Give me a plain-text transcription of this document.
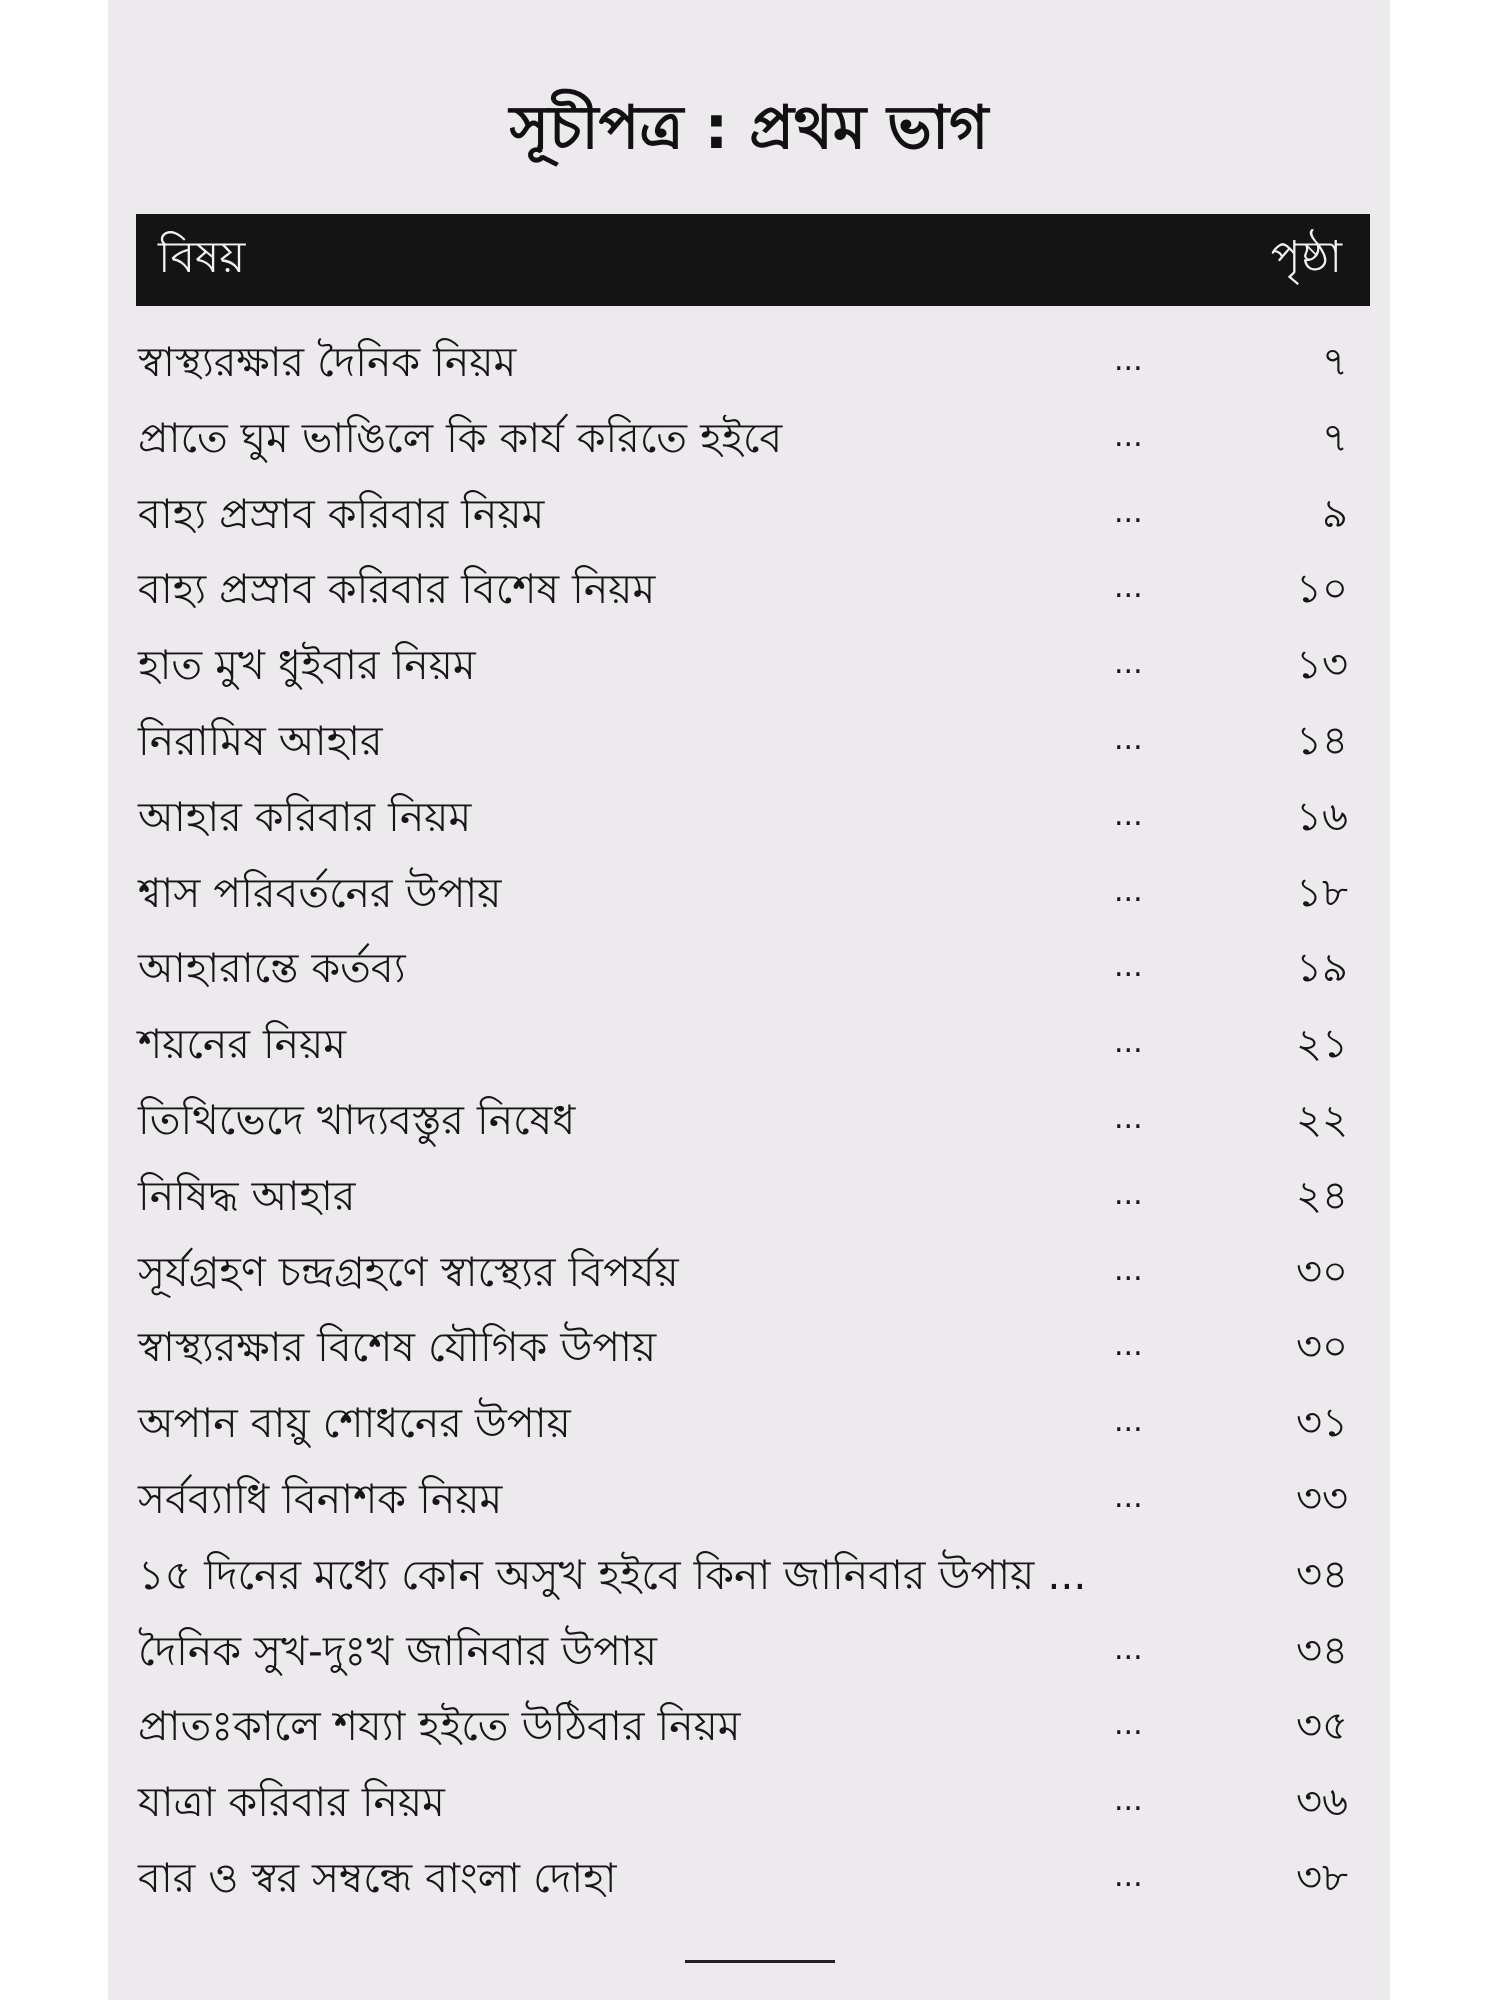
সূচীপত্র : প্রথম ভাগ
বিষয়	পৃষ্ঠা
স্বাস্থ্যরক্ষার দৈনিক নিয়ম	...	৭
প্রাতে ঘুম ভাঙিলে কি কার্য করিতে হইবে	...	৭
বাহ্য প্রস্রাব করিবার নিয়ম	...	৯
বাহ্য প্রস্রাব করিবার বিশেষ নিয়ম	...	১০
হাত মুখ ধুইবার নিয়ম	...	১৩
নিরামিষ আহার	...	১৪
আহার করিবার নিয়ম	...	১৬
শ্বাস পরিবর্তনের উপায়	...	১৮
আহারান্তে কর্তব্য	...	১৯
শয়নের নিয়ম	...	২১
তিথিভেদে খাদ্যবস্তুর নিষেধ	...	২২
নিষিদ্ধ আহার	...	২৪
সূর্যগ্রহণ চন্দ্রগ্রহণে স্বাস্থ্যের বিপর্যয়	...	৩০
স্বাস্থ্যরক্ষার বিশেষ যৌগিক উপায়	...	৩০
অপান বায়ু শোধনের উপায়	...	৩১
সর্বব্যাধি বিনাশক নিয়ম	...	৩৩
১৫ দিনের মধ্যে কোন অসুখ হইবে কিনা জানিবার উপায় ...	৩৪
দৈনিক সুখ-দুঃখ জানিবার উপায়	...	৩৪
প্রাতঃকালে শয্যা হইতে উঠিবার নিয়ম	...	৩৫
যাত্রা করিবার নিয়ম	...	৩৬
বার ও স্বর সম্বন্ধে বাংলা দোহা	...	৩৮
